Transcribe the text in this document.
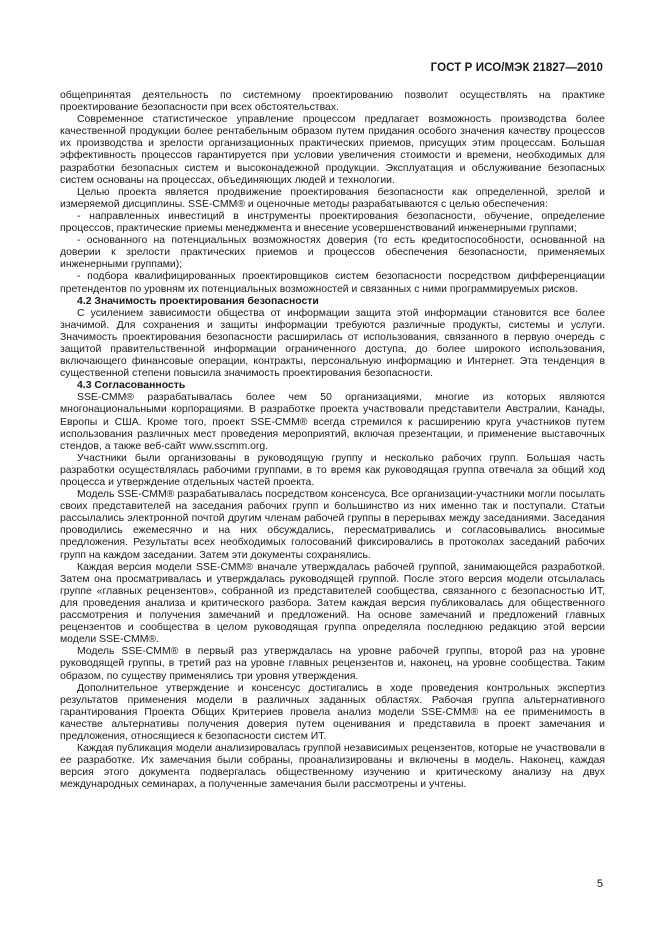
ГОСТ Р ИСО/МЭК 21827—2010

общепринятая деятельность по системному проектированию позволит осуществлять на практике проектирование безопасности при всех обстоятельствах.

Современное статистическое управление процессом предлагает возможность производства более качественной продукции более рентабельным образом путем придания особого значения качеству процессов их производства и зрелости организационных практических приемов, присущих этим процессам. Большая эффективность процессов гарантируется при условии увеличения стоимости и времени, необходимых для разработки безопасных систем и высоконадежной продукции. Эксплуатация и обслуживание безопасных систем основаны на процессах, объединяющих людей и технологии.

Целью проекта является продвижение проектирования безопасности как определенной, зрелой и измеряемой дисциплины. SSE-CMM® и оценочные методы разрабатываются с целью обеспечения:

- направленных инвестиций в инструменты проектирования безопасности, обучение, определение процессов, практические приемы менеджмента и внесение усовершенствований инженерными группами;

- основанного на потенциальных возможностях доверия (то есть кредитоспособности, основанной на доверии к зрелости практических приемов и процессов обеспечения безопасности, применяемых инженерными группами);

- подбора квалифицированных проектировщиков систем безопасности посредством дифференциации претендентов по уровням их потенциальных возможностей и связанных с ними программируемых рисков.

4.2 Значимость проектирования безопасности

С усилением зависимости общества от информации защита этой информации становится все более значимой. Для сохранения и защиты информации требуются различные продукты, системы и услуги. Значимость проектирования безопасности расширилась от использования, связанного в первую очередь с защитой правительственной информации ограниченного доступа, до более широкого использования, включающего финансовые операции, контракты, персональную информацию и Интернет. Эта тенденция в существенной степени повысила значимость проектирования безопасности.

4.3 Согласованность

SSE-CMM® разрабатывалась более чем 50 организациями, многие из которых являются многонациональными корпорациями. В разработке проекта участвовали представители Австралии, Канады, Европы и США. Кроме того, проект SSE-CMM® всегда стремился к расширению круга участников путем использования различных мест проведения мероприятий, включая презентации, и применение выставочных стендов, а также веб-сайт www.sscmm.org.

Участники были организованы в руководящую группу и несколько рабочих групп. Большая часть разработки осуществлялась рабочими группами, в то время как руководящая группа отвечала за общий ход процесса и утверждение отдельных частей проекта.

Модель SSE-CMM® разрабатывалась посредством консенсуса. Все организации-участники могли посылать своих представителей на заседания рабочих групп и большинство из них именно так и поступали. Статьи рассылались электронной почтой другим членам рабочей группы в перерывах между заседаниями. Заседания проводились ежемесячно и на них обсуждались, пересматривались и согласовывались вносимые предложения. Результаты всех необходимых голосований фиксировались в протоколах заседаний рабочих групп на каждом заседании. Затем эти документы сохранялись.

Каждая версия модели SSE-CMM® вначале утверждалась рабочей группой, занимающейся разработкой. Затем она просматривалась и утверждалась руководящей группой. После этого версия модели отсылалась группе «главных рецензентов», собранной из представителей сообщества, связанного с безопасностью ИТ, для проведения анализа и критического разбора. Затем каждая версия публиковалась для общественного рассмотрения и получения замечаний и предложений. На основе замечаний и предложений главных рецензентов и сообщества в целом руководящая группа определяла последнюю редакцию этой версии модели SSE-CMM®.

Модель SSE-CMM® в первый раз утверждалась на уровне рабочей группы, второй раз на уровне руководящей группы, в третий раз на уровне главных рецензентов и, наконец, на уровне сообщества. Таким образом, по существу применялись три уровня утверждения.

Дополнительное утверждение и консенсус достигались в ходе проведения контрольных экспертиз результатов применения модели в различных заданных областях. Рабочая группа альтернативного гарантирования Проекта Общих Критериев провела анализ модели SSE-CMM® на ее применимость в качестве альтернативы получения доверия путем оценивания и представила в проект замечания и предложения, относящиеся к безопасности систем ИТ.

Каждая публикация модели анализировалась группой независимых рецензентов, которые не участвовали в ее разработке. Их замечания были собраны, проанализированы и включены в модель. Наконец, каждая версия этого документа подвергалась общественному изучению и критическому анализу на двух международных семинарах, а полученные замечания были рассмотрены и учтены.

5
